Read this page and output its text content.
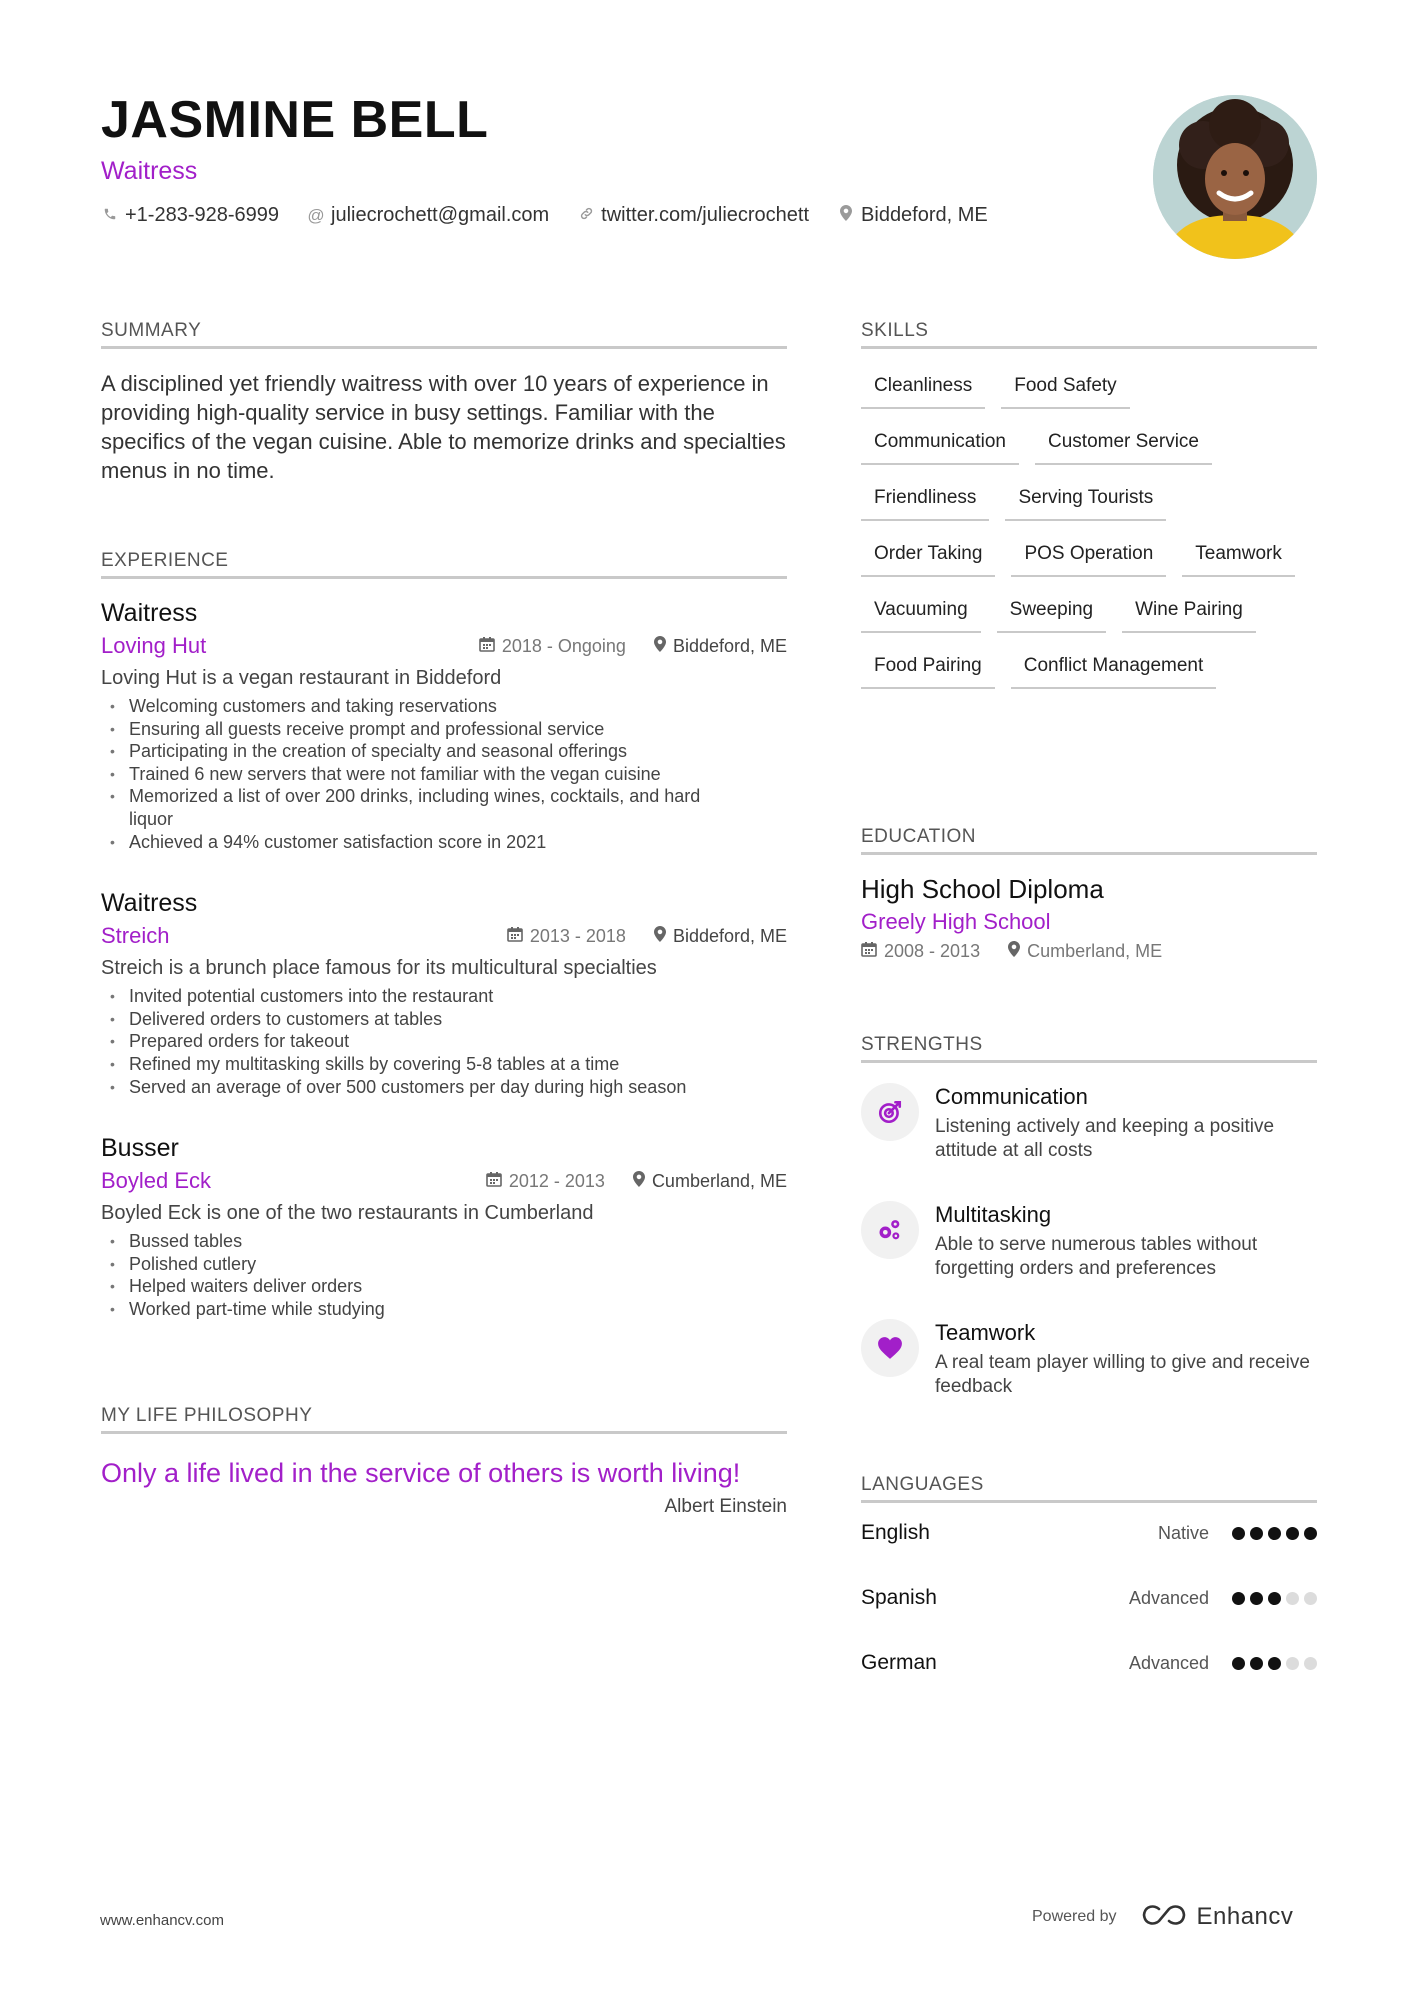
JASMINE BELL
Waitress
+1-283-928-6999 @ juliecrochett@gmail.com	twitter.com/juliecrochett	Biddeford, ME
SUMMARY
A disciplined yet friendly waitress with over 10 years of experience in providing high-quality service in busy settings. Familiar with the specifics of the vegan cuisine. Able to memorize drinks and specialties menus in no time.
EXPERIENCE
Waitress
Loving Hut	2018 - Ongoing	Biddeford, ME
Loving Hut is a vegan restaurant in Biddeford
• Welcoming customers and taking reservations
• Ensuring all guests receive prompt and professional service
• Participating in the creation of specialty and seasonal offerings
• Trained 6 new servers that were not familiar with the vegan cuisine
• Memorized a list of over 200 drinks, including wines, cocktails, and hard liquor
• Achieved a 94% customer satisfaction score in 2021
Waitress
Streich	2013 - 2018	Biddeford, ME
Streich is a brunch place famous for its multicultural specialties
• Invited potential customers into the restaurant
• Delivered orders to customers at tables
• Prepared orders for takeout
• Refined my multitasking skills by covering 5-8 tables at a time
• Served an average of over 500 customers per day during high season
Busser
Boyled Eck	2012 - 2013	Cumberland, ME
Boyled Eck is one of the two restaurants in Cumberland
• Bussed tables
• Polished cutlery
• Helped waiters deliver orders
• Worked part-time while studying
MY LIFE PHILOSOPHY
Only a life lived in the service of others is worth living!
Albert Einstein
SKILLS
Cleanliness	Food Safety
Communication	Customer Service
Friendliness	Serving Tourists
Order Taking	POS Operation	Teamwork
Vacuuming	Sweeping	Wine Pairing
Food Pairing	Conflict Management
EDUCATION
High School Diploma
Greely High School
2008 - 2013	Cumberland, ME
STRENGTHS
Communication
Listening actively and keeping a positive attitude at all costs
Multitasking
Able to serve numerous tables without forgetting orders and preferences
Teamwork
A real team player willing to give and receive feedback
LANGUAGES
English	Native
Spanish	Advanced
German	Advanced
www.enhancv.com	Powered by	Enhancv
